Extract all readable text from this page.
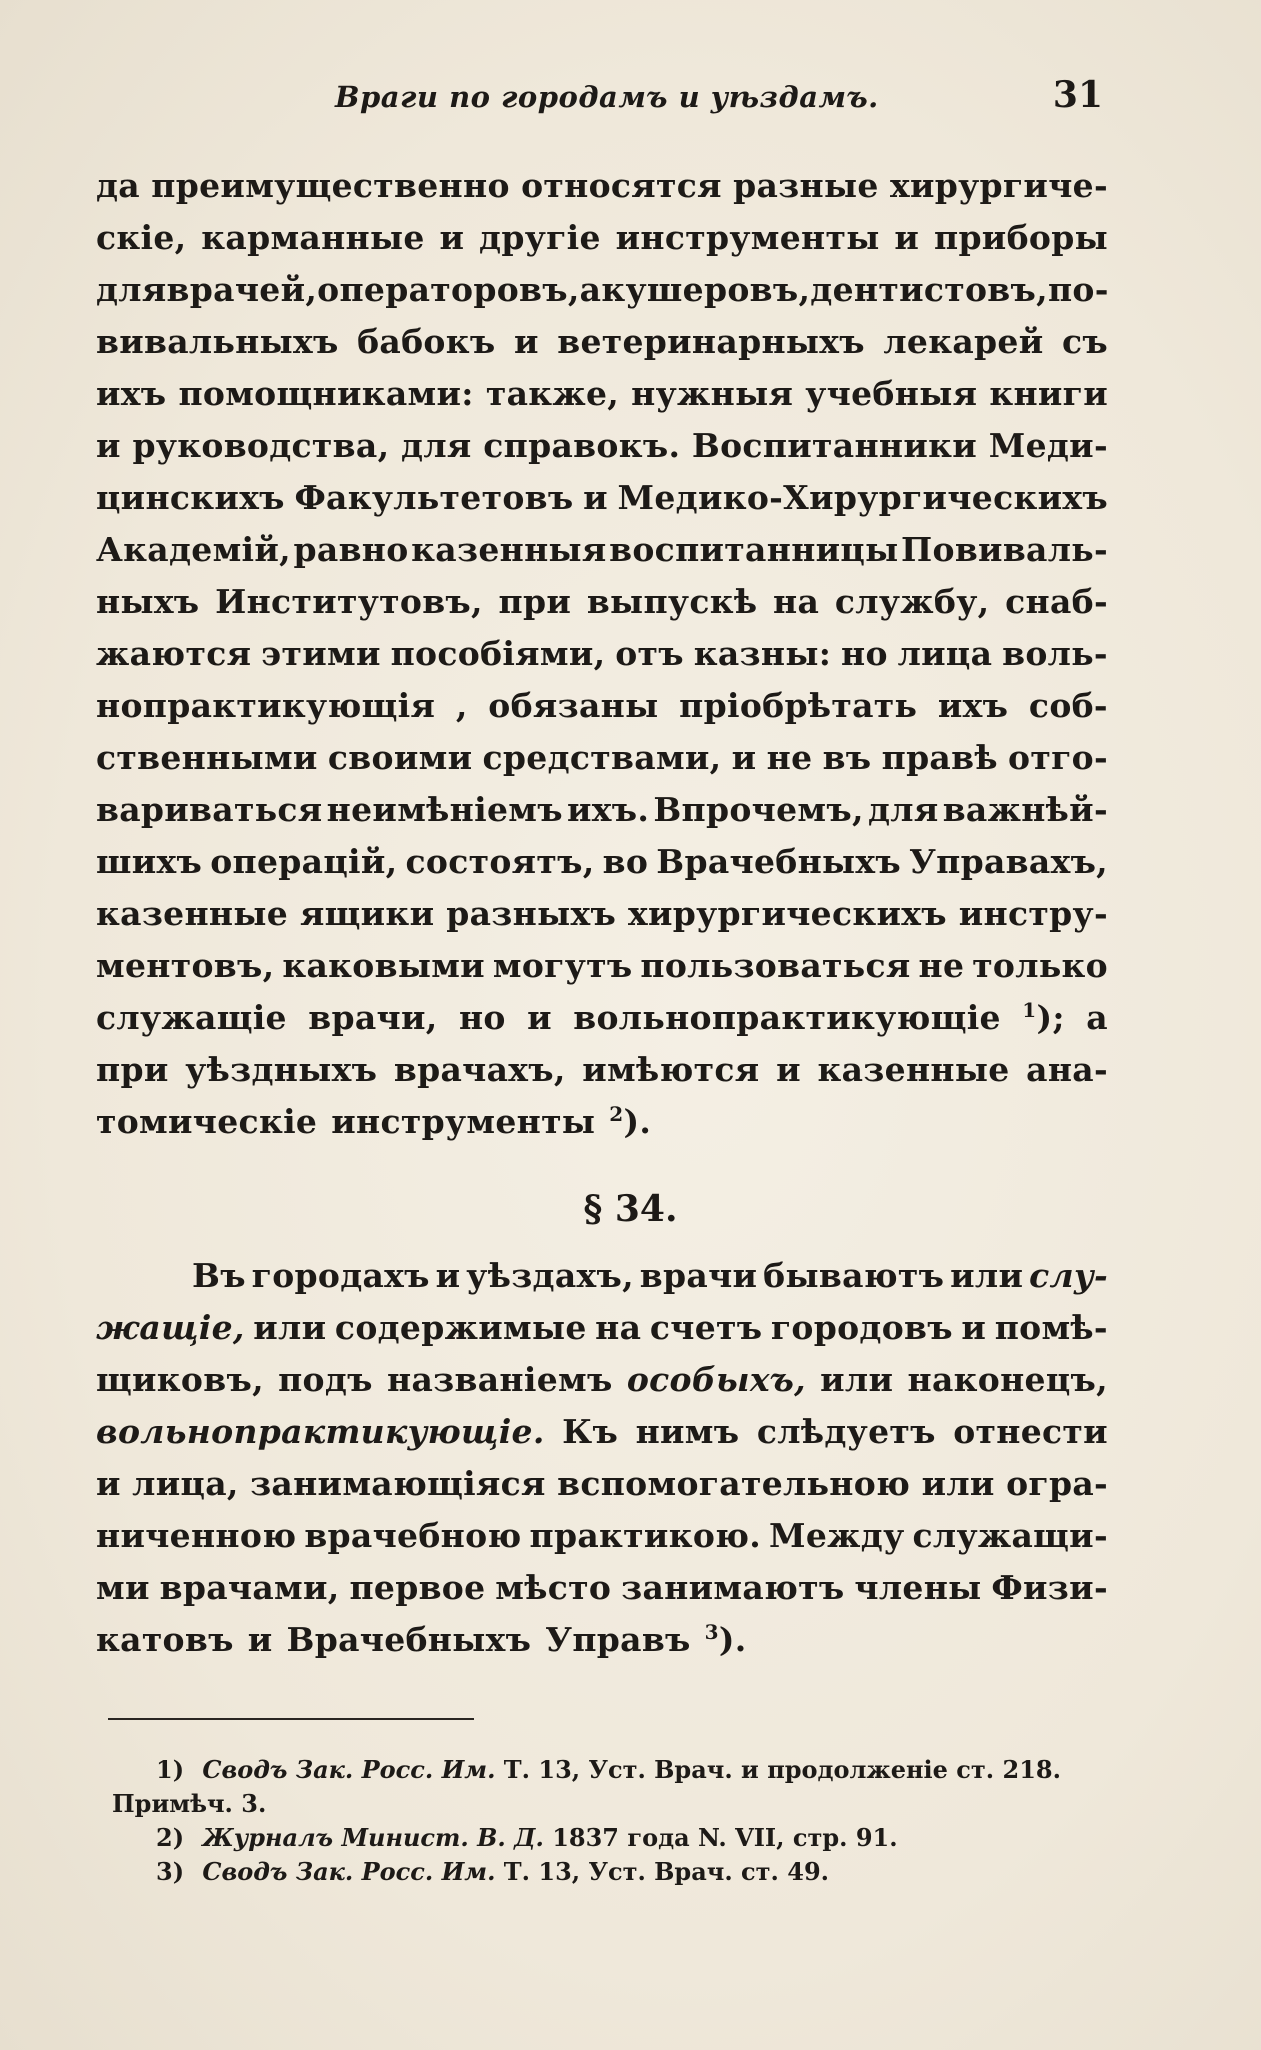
Враги по городамъ и уѣздамъ.	31
да преимущественно относятся разные хирургиче-
скіе, карманные и другіе инструменты и приборы
для врачей, операторовъ, акушеровъ, дентистовъ, по-
вивальныхъ бабокъ и ветеринарныхъ лекарей съ
ихъ помощниками: также, нужныя учебныя книги
и руководства, для справокъ. Воспитанники Меди-
цинскихъ Факультетовъ и Медико-Хирургическихъ
Академій, равно казенныя воспитанницы Повиваль-
ныхъ Институтовъ, при выпускѣ на службу, снаб-
жаются этими пособіями, отъ казны: но лица воль-
нопрактикующія , обязаны пріобрѣтать ихъ соб-
ственными своими средствами, и не въ правѣ отго-
вариваться неимѣніемъ ихъ. Впрочемъ, для важнѣй-
шихъ операцій, состоятъ, во Врачебныхъ Управахъ,
казенные ящики разныхъ хирургическихъ инстру-
ментовъ, каковыми могутъ пользоваться не только
служащіе врачи, но и вольнопрактикующіе $^1$); а
при уѣздныхъ врачахъ, имѣются и казенные ана-
томическіе инструменты $^2$).
§ 34.
Въ городахъ и уѣздахъ, врачи бываютъ или слу-
жащіе, или содержимые на счетъ городовъ и помѣ-
щиковъ, подъ названіемъ особыхъ, или наконецъ,
вольнопрактикующіе. Къ нимъ слѣдуетъ отнести
и лица, занимающіяся вспомогательною или огра-
ниченною врачебною практикою. Между служащи-
ми врачами, первое мѣсто занимаютъ члены Физи-
катовъ и Врачебныхъ Управъ $^3$).
1) Сводъ Зак. Росс. Им. Т. 13, Уст. Врач. и продолженіе ст. 218.
Примѣч. 3.
2) Журналъ Минист. В. Д. 1837 года N. VII, стр. 91.
3) Сводъ Зак. Росс. Им. Т. 13, Уст. Врач. ст. 49.
